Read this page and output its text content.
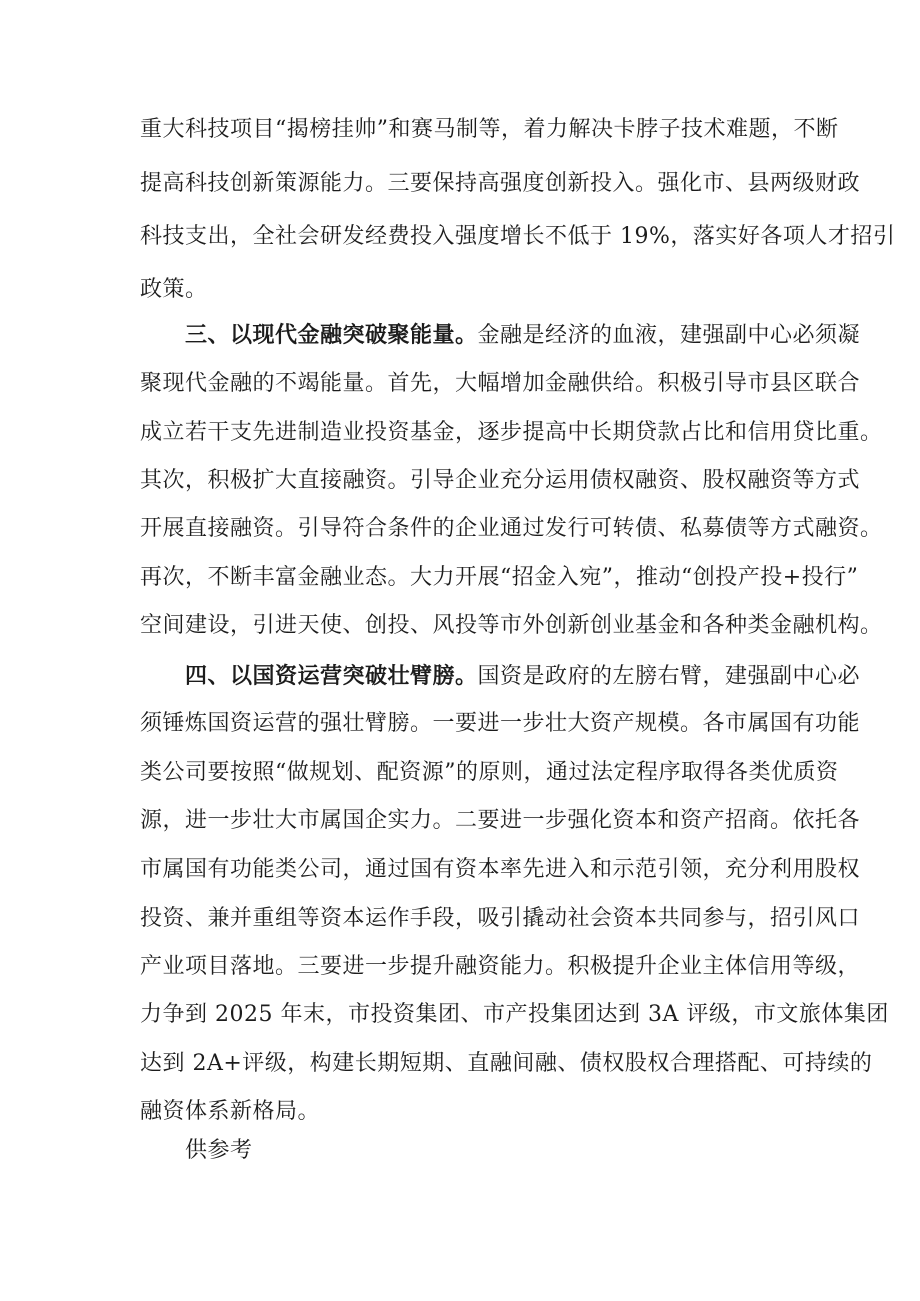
重大科技项目“揭榜挂帅”和赛马制等，着力解决卡脖子技术难题，不断
提高科技创新策源能力。三要保持高强度创新投入。强化市、县两级财政
科技支出，全社会研发经费投入强度增长不低于 19%，落实好各项人才招引
政策。
三、以现代金融突破聚能量。金融是经济的血液，建强副中心必须凝
聚现代金融的不竭能量。首先，大幅增加金融供给。积极引导市县区联合
成立若干支先进制造业投资基金，逐步提高中长期贷款占比和信用贷比重。
其次，积极扩大直接融资。引导企业充分运用债权融资、股权融资等方式
开展直接融资。引导符合条件的企业通过发行可转债、私募债等方式融资。
再次，不断丰富金融业态。大力开展“招金入宛”，推动“创投产投+投行”
空间建设，引进天使、创投、风投等市外创新创业基金和各种类金融机构。
四、以国资运营突破壮臂膀。国资是政府的左膀右臂，建强副中心必
须锤炼国资运营的强壮臂膀。一要进一步壮大资产规模。各市属国有功能
类公司要按照“做规划、配资源”的原则，通过法定程序取得各类优质资
源，进一步壮大市属国企实力。二要进一步强化资本和资产招商。依托各
市属国有功能类公司，通过国有资本率先进入和示范引领，充分利用股权
投资、兼并重组等资本运作手段，吸引撬动社会资本共同参与，招引风口
产业项目落地。三要进一步提升融资能力。积极提升企业主体信用等级，
力争到 2025 年末，市投资集团、市产投集团达到 3A 评级，市文旅体集团
达到 2A+评级，构建长期短期、直融间融、债权股权合理搭配、可持续的
融资体系新格局。
供参考
